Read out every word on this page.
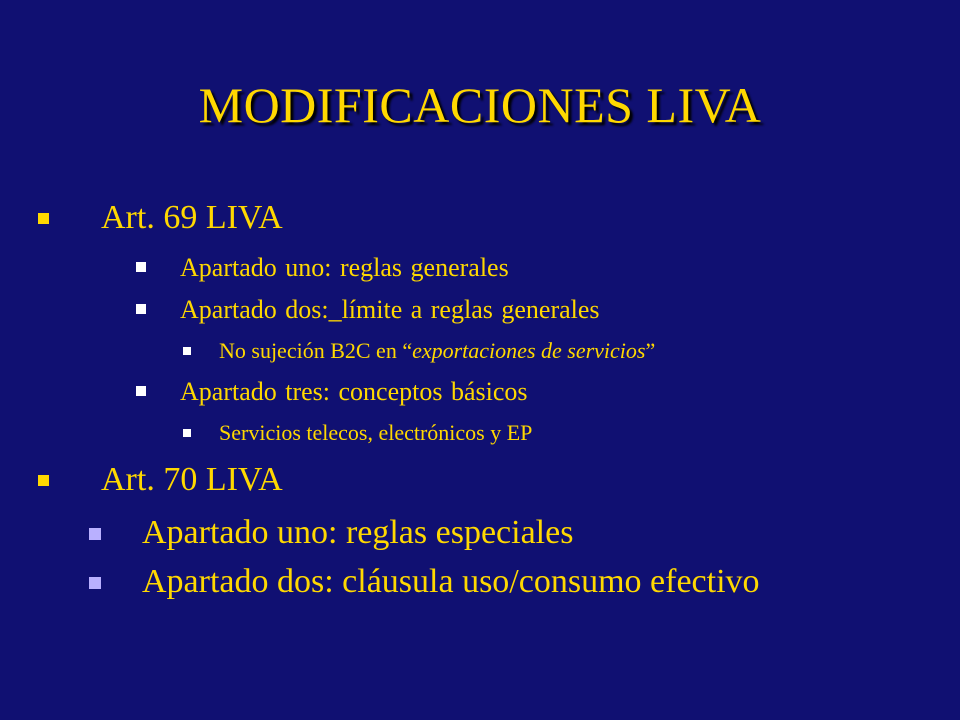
MODIFICACIONES LIVA
Art. 69 LIVA
Apartado uno: reglas generales
Apartado dos:_límite a reglas generales
No sujeción B2C en “exportaciones de servicios”
Apartado tres: conceptos básicos
Servicios telecos, electrónicos y EP
Art. 70 LIVA
Apartado uno: reglas especiales
Apartado dos: cláusula uso/consumo efectivo
